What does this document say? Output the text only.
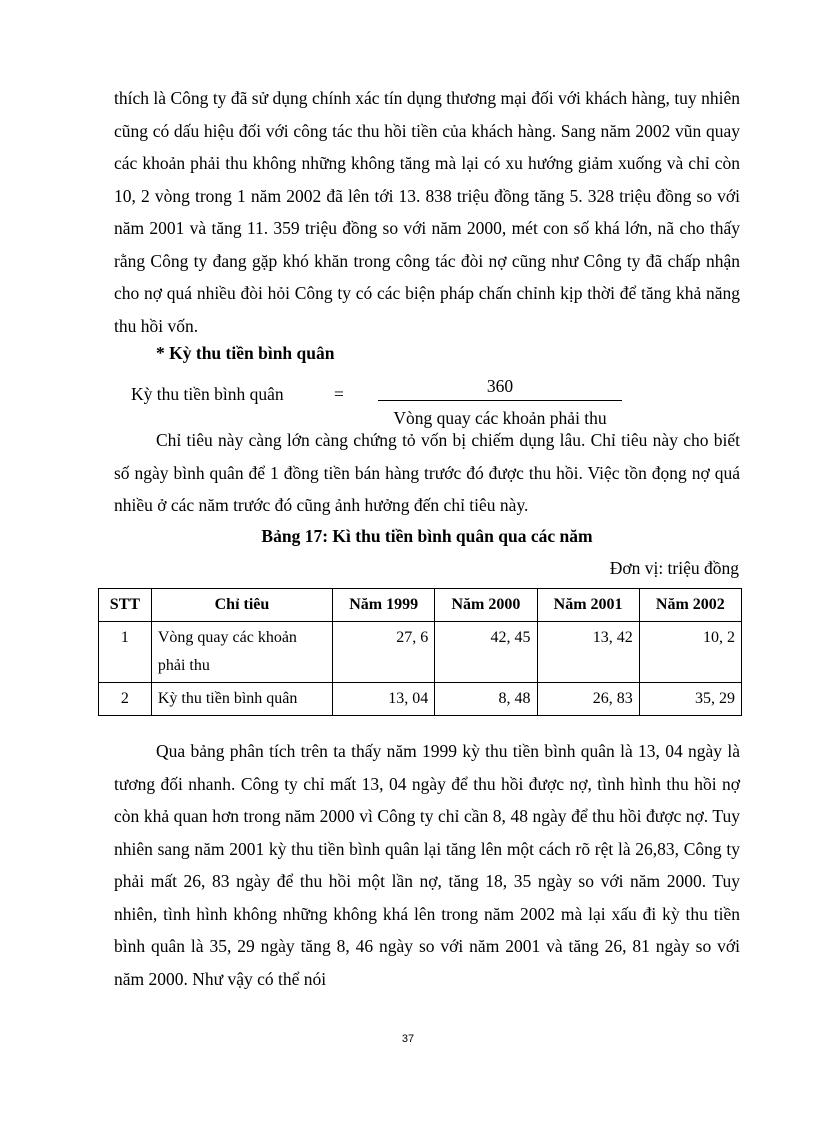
thích là Công ty đã sử dụng chính xác tín dụng thương mại đối với khách hàng, tuy nhiên cũng có dấu hiệu đối với công tác thu hồi tiền của khách hàng. Sang năm 2002 vũn quay các khoản phải thu không những không tăng mà lại có xu hướng giảm xuống và chỉ còn 10, 2 vòng trong 1 năm 2002 đã lên tới 13. 838 triệu đồng tăng 5. 328 triệu đồng so với năm 2001 và tăng 11. 359 triệu đồng so với năm 2000, mét con số khá lớn, nã cho thấy rằng Công ty đang gặp khó khăn trong công tác đòi nợ cũng như Công ty đã chấp nhận cho nợ quá nhiều đòi hỏi Công ty có các biện pháp chấn chỉnh kịp thời để tăng khả năng thu hồi vốn.

* Kỳ thu tiền bình quân

Kỳ thu tiền bình quân	=	360
Vòng quay các khoản phải thu

Chỉ tiêu này càng lớn càng chứng tỏ vốn bị chiếm dụng lâu. Chỉ tiêu này cho biết số ngày bình quân để 1 đồng tiền bán hàng trước đó được thu hồi. Việc tồn đọng nợ quá nhiều ở các năm trước đó cũng ảnh hưởng đến chỉ tiêu này.

Bảng 17: Kì thu tiền bình quân qua các năm

Đơn vị: triệu đồng
STT	Chỉ tiêu	Năm 1999	Năm 2000	Năm 2001	Năm 2002
1	Vòng quay các khoản phải thu	27, 6	42, 45	13, 42	10, 2
2	Kỳ thu tiền bình quân	13, 04	8, 48	26, 83	35, 29

Qua bảng phân tích trên ta thấy năm 1999 kỳ thu tiền bình quân là 13, 04 ngày là tương đối nhanh. Công ty chỉ mất 13, 04 ngày để thu hồi được nợ, tình hình thu hồi nợ còn khả quan hơn trong năm 2000 vì Công ty chỉ cần 8, 48 ngày để thu hồi được nợ. Tuy nhiên sang năm 2001 kỳ thu tiền bình quân lại tăng lên một cách rõ rệt là 26,83, Công ty phải mất 26, 83 ngày để thu hồi một lần nợ, tăng 18, 35 ngày so với năm 2000. Tuy nhiên, tình hình không những không khá lên trong năm 2002 mà lại xấu đi kỳ thu tiền bình quân là 35, 29 ngày tăng 8, 46 ngày so với năm 2001 và tăng 26, 81 ngày so với năm 2000. Như vậy có thể nói

37
